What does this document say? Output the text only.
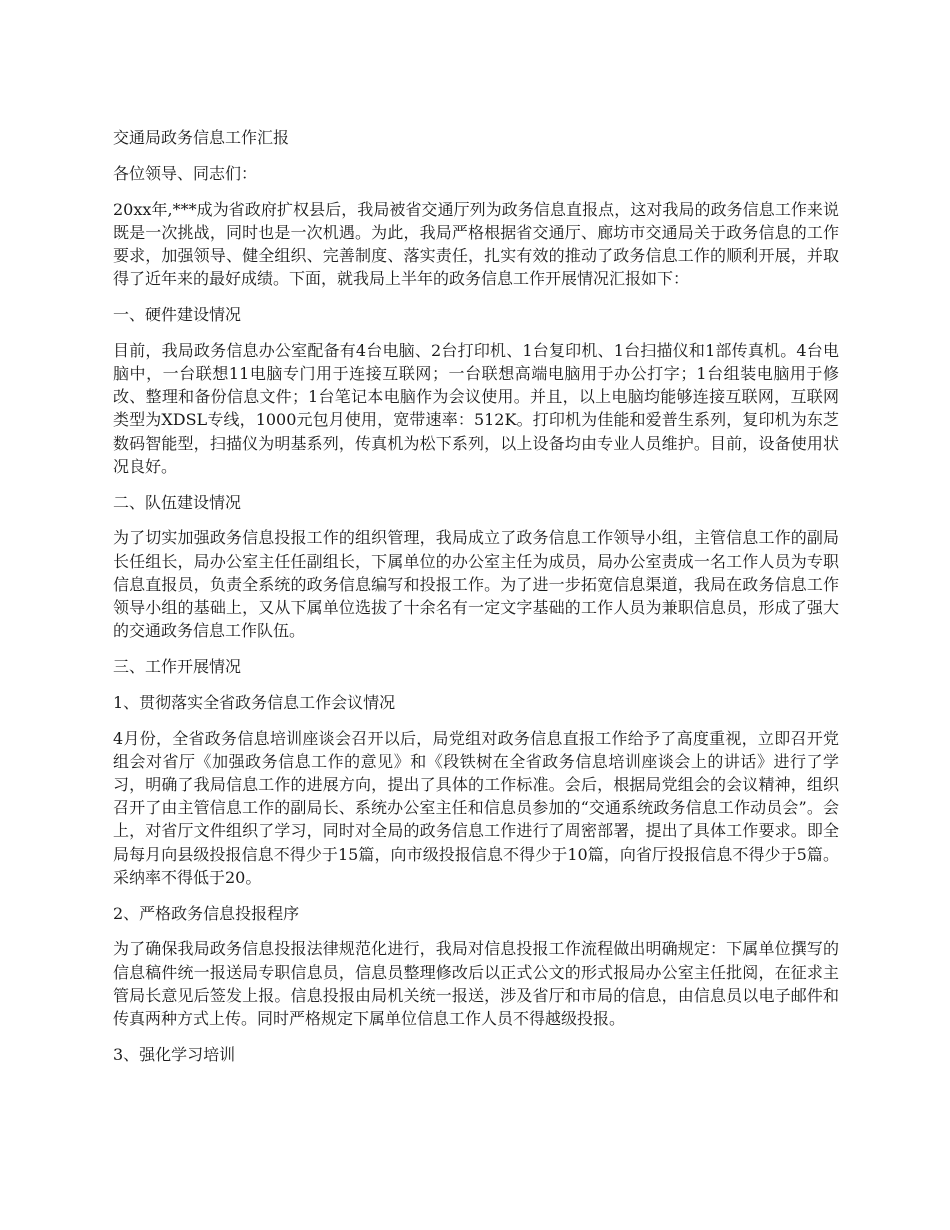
交通局政务信息工作汇报

各位领导、同志们：

20xx年,***成为省政府扩权县后，我局被省交通厅列为政务信息直报点，这对我局的政务信息工作来说既是一次挑战，同时也是一次机遇。为此，我局严格根据省交通厅、廊坊市交通局关于政务信息的工作要求，加强领导、健全组织、完善制度、落实责任，扎实有效的推动了政务信息工作的顺利开展，并取得了近年来的最好成绩。下面，就我局上半年的政务信息工作开展情况汇报如下：

一、硬件建设情况

目前，我局政务信息办公室配备有4台电脑、2台打印机、1台复印机、1台扫描仪和1部传真机。4台电脑中，一台联想11电脑专门用于连接互联网；一台联想高端电脑用于办公打字；1台组装电脑用于修改、整理和备份信息文件；1台笔记本电脑作为会议使用。并且，以上电脑均能够连接互联网，互联网类型为XDSL专线，1000元包月使用，宽带速率：512K。打印机为佳能和爱普生系列，复印机为东芝数码智能型，扫描仪为明基系列，传真机为松下系列，以上设备均由专业人员维护。目前，设备使用状况良好。

二、队伍建设情况

为了切实加强政务信息投报工作的组织管理，我局成立了政务信息工作领导小组，主管信息工作的副局长任组长，局办公室主任任副组长，下属单位的办公室主任为成员，局办公室责成一名工作人员为专职信息直报员，负责全系统的政务信息编写和投报工作。为了进一步拓宽信息渠道，我局在政务信息工作领导小组的基础上，又从下属单位选拔了十余名有一定文字基础的工作人员为兼职信息员，形成了强大的交通政务信息工作队伍。

三、工作开展情况

1、贯彻落实全省政务信息工作会议情况

4月份，全省政务信息培训座谈会召开以后，局党组对政务信息直报工作给予了高度重视，立即召开党组会对省厅《加强政务信息工作的意见》和《段铁树在全省政务信息培训座谈会上的讲话》进行了学习，明确了我局信息工作的进展方向，提出了具体的工作标准。会后，根据局党组会的会议精神，组织召开了由主管信息工作的副局长、系统办公室主任和信息员参加的“交通系统政务信息工作动员会”。会上，对省厅文件组织了学习，同时对全局的政务信息工作进行了周密部署，提出了具体工作要求。即全局每月向县级投报信息不得少于15篇，向市级投报信息不得少于10篇，向省厅投报信息不得少于5篇。采纳率不得低于20。

2、严格政务信息投报程序

为了确保我局政务信息投报法律规范化进行，我局对信息投报工作流程做出明确规定：下属单位撰写的信息稿件统一报送局专职信息员，信息员整理修改后以正式公文的形式报局办公室主任批阅，在征求主管局长意见后签发上报。信息投报由局机关统一报送，涉及省厅和市局的信息，由信息员以电子邮件和传真两种方式上传。同时严格规定下属单位信息工作人员不得越级投报。

3、强化学习培训
